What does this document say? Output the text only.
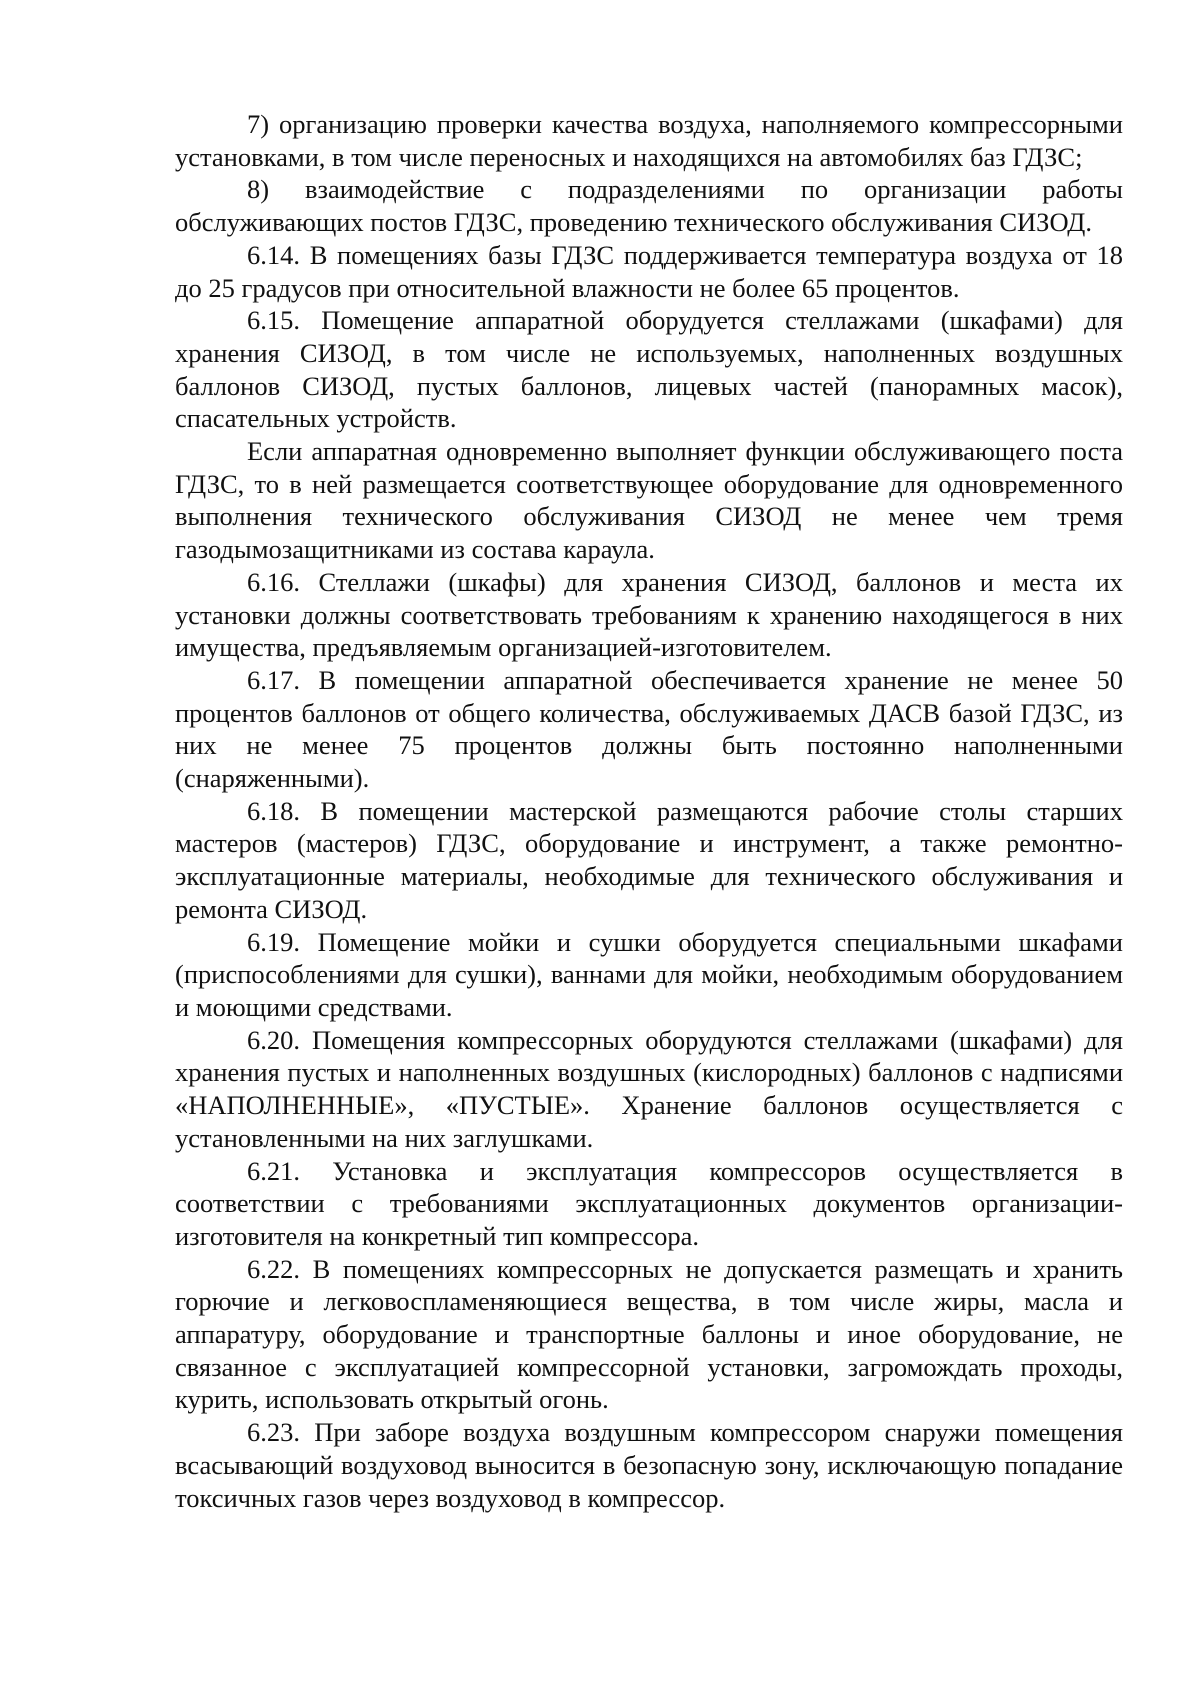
7) организацию проверки качества воздуха, наполняемого компрессорными установками, в том числе переносных и находящихся на автомобилях баз ГДЗС;

8) взаимодействие с подразделениями по организации работы обслуживающих постов ГДЗС, проведению технического обслуживания СИЗОД.

6.14. В помещениях базы ГДЗС поддерживается температура воздуха от 18 до 25 градусов при относительной влажности не более 65 процентов.

6.15. Помещение аппаратной оборудуется стеллажами (шкафами) для хранения СИЗОД, в том числе не используемых, наполненных воздушных баллонов СИЗОД, пустых баллонов, лицевых частей (панорамных масок), спасательных устройств.

Если аппаратная одновременно выполняет функции обслуживающего поста ГДЗС, то в ней размещается соответствующее оборудование для одновременного выполнения технического обслуживания СИЗОД не менее чем тремя газодымозащитниками из состава караула.

6.16. Стеллажи (шкафы) для хранения СИЗОД, баллонов и места их установки должны соответствовать требованиям к хранению находящегося в них имущества, предъявляемым организацией-изготовителем.

6.17. В помещении аппаратной обеспечивается хранение не менее 50 процентов баллонов от общего количества, обслуживаемых ДАСВ базой ГДЗС, из них не менее 75 процентов должны быть постоянно наполненными (снаряженными).

6.18. В помещении мастерской размещаются рабочие столы старших мастеров (мастеров) ГДЗС, оборудование и инструмент, а также ремонтно-эксплуатационные материалы, необходимые для технического обслуживания и ремонта СИЗОД.

6.19. Помещение мойки и сушки оборудуется специальными шкафами (приспособлениями для сушки), ваннами для мойки, необходимым оборудованием и моющими средствами.

6.20. Помещения компрессорных оборудуются стеллажами (шкафами) для хранения пустых и наполненных воздушных (кислородных) баллонов с надписями «НАПОЛНЕННЫЕ», «ПУСТЫЕ». Хранение баллонов осуществляется с установленными на них заглушками.

6.21. Установка и эксплуатация компрессоров осуществляется в соответствии с требованиями эксплуатационных документов организации-изготовителя на конкретный тип компрессора.

6.22. В помещениях компрессорных не допускается размещать и хранить горючие и легковоспламеняющиеся вещества, в том числе жиры, масла и аппаратуру, оборудование и транспортные баллоны и иное оборудование, не связанное с эксплуатацией компрессорной установки, загромождать проходы, курить, использовать открытый огонь.

6.23. При заборе воздуха воздушным компрессором снаружи помещения всасывающий воздуховод выносится в безопасную зону, исключающую попадание токсичных газов через воздуховод в компрессор.
